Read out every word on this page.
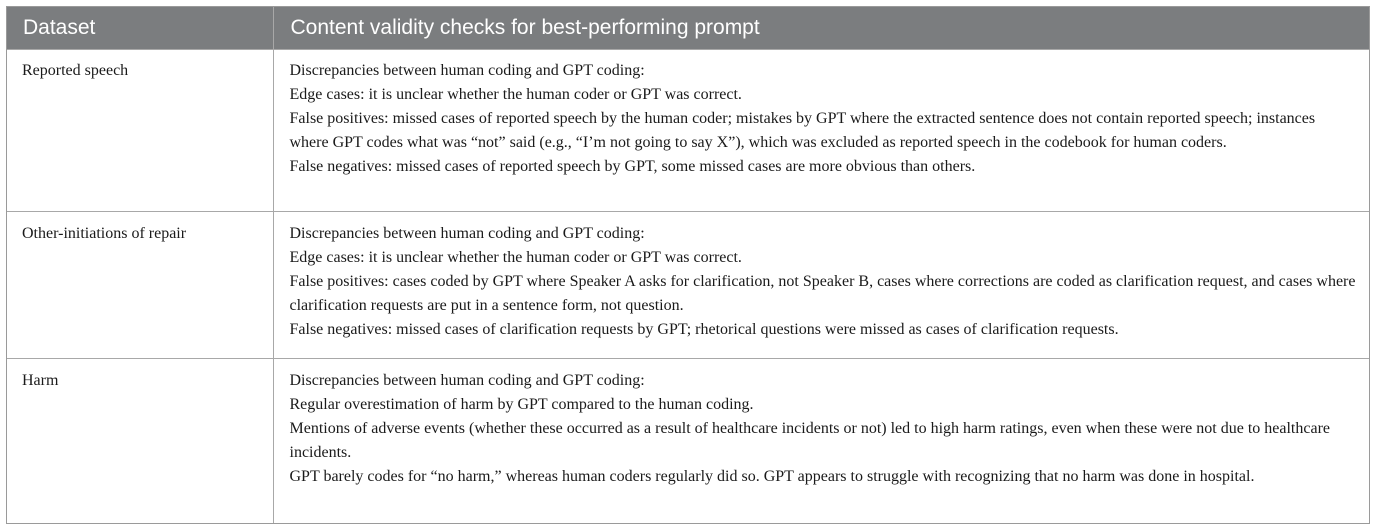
Dataset	Content validity checks for best-performing prompt
Reported speech	Discrepancies between human coding and GPT coding:
Edge cases: it is unclear whether the human coder or GPT was correct.
False positives: missed cases of reported speech by the human coder; mistakes by GPT where the extracted sentence does not contain reported speech; instances where GPT codes what was “not” said (e.g., “I’m not going to say X”), which was excluded as reported speech in the codebook for human coders.
False negatives: missed cases of reported speech by GPT, some missed cases are more obvious than others.

Other-initiations of repair	Discrepancies between human coding and GPT coding:
Edge cases: it is unclear whether the human coder or GPT was correct.
False positives: cases coded by GPT where Speaker A asks for clarification, not Speaker B, cases where corrections are coded as clarification request, and cases where clarification requests are put in a sentence form, not question.
False negatives: missed cases of clarification requests by GPT; rhetorical questions were missed as cases of clarification requests.

Harm	Discrepancies between human coding and GPT coding:
Regular overestimation of harm by GPT compared to the human coding.
Mentions of adverse events (whether these occurred as a result of healthcare incidents or not) led to high harm ratings, even when these were not due to healthcare incidents.
GPT barely codes for “no harm,” whereas human coders regularly did so. GPT appears to struggle with recognizing that no harm was done in hospital.
